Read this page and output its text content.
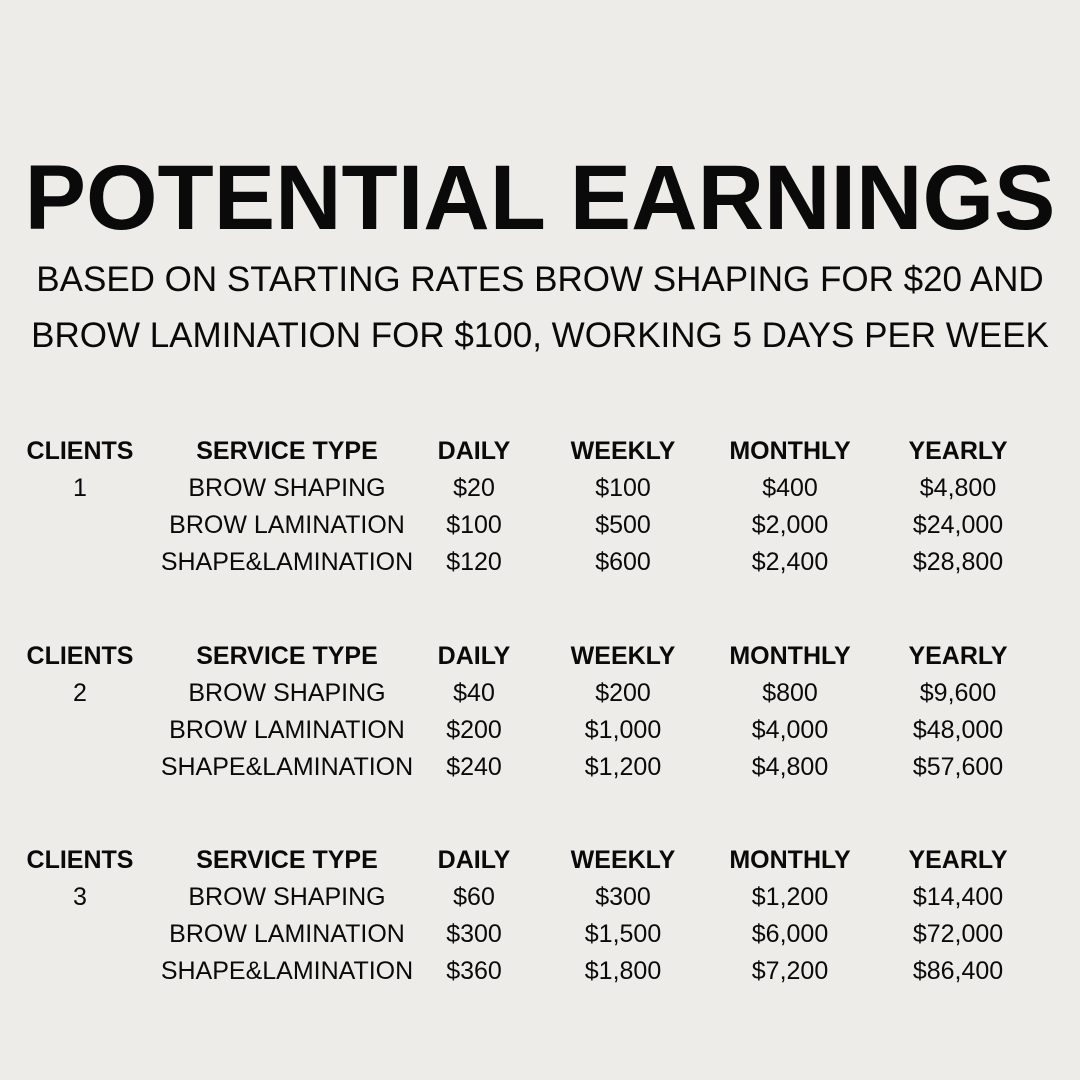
POTENTIAL EARNINGS
BASED ON STARTING RATES BROW SHAPING FOR $20 AND BROW LAMINATION FOR $100, WORKING 5 DAYS PER WEEK
CLIENTS	SERVICE TYPE DAILY WEEKLY MONTHLY YEARLY
1	BROW SHAPING	$20	$100	$400	$4,800
BROW LAMINATION $100	$500	$2,000	$24,000
SHAPE&LAMINATION $120	$600	$2,400	$28,800
CLIENTS	SERVICE TYPE DAILY WEEKLY MONTHLY YEARLY
2	BROW SHAPING	$40	$200	$800	$9,600
BROW LAMINATION $200	$1,000	$4,000	$48,000
SHAPE&LAMINATION $240	$1,200	$4,800	$57,600
CLIENTS	SERVICE TYPE DAILY WEEKLY MONTHLY YEARLY
3	BROW SHAPING	$60	$300	$1,200	$14,400
BROW LAMINATION $300	$1,500	$6,000	$72,000
SHAPE&LAMINATION $360	$1,800	$7,200	$86,400
